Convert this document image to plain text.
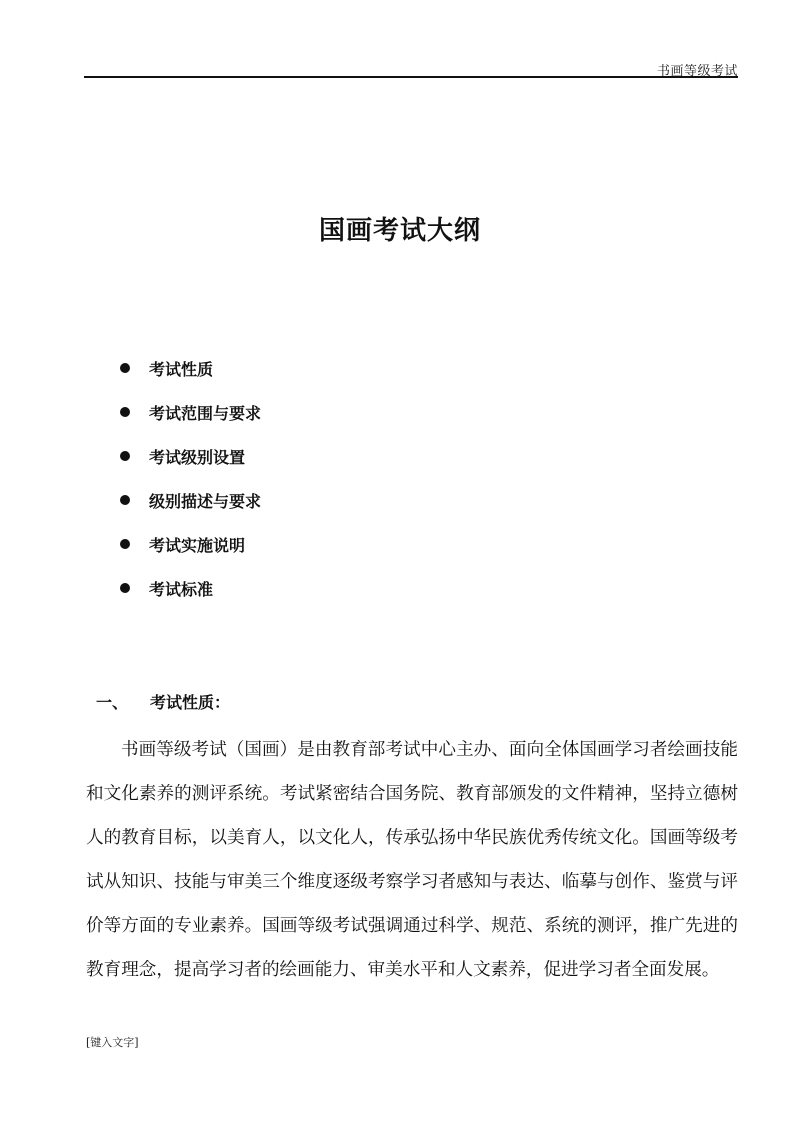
书画等级考试
国画考试大纲
考试性质
考试范围与要求
考试级别设置
级别描述与要求
考试实施说明
考试标准
一、 考试性质：

书画等级考试（国画）是由教育部考试中心主办、面向全体国画学习者绘画技能和文化素养的测评系统。考试紧密结合国务院、教育部颁发的文件精神，坚持立德树人的教育目标，以美育人，以文化人，传承弘扬中华民族优秀传统文化。国画等级考试从知识、技能与审美三个维度逐级考察学习者感知与表达、临摹与创作、鉴赏与评价等方面的专业素养。国画等级考试强调通过科学、规范、系统的测评，推广先进的教育理念，提高学习者的绘画能力、审美水平和人文素养，促进学习者全面发展。

[键入文字]
